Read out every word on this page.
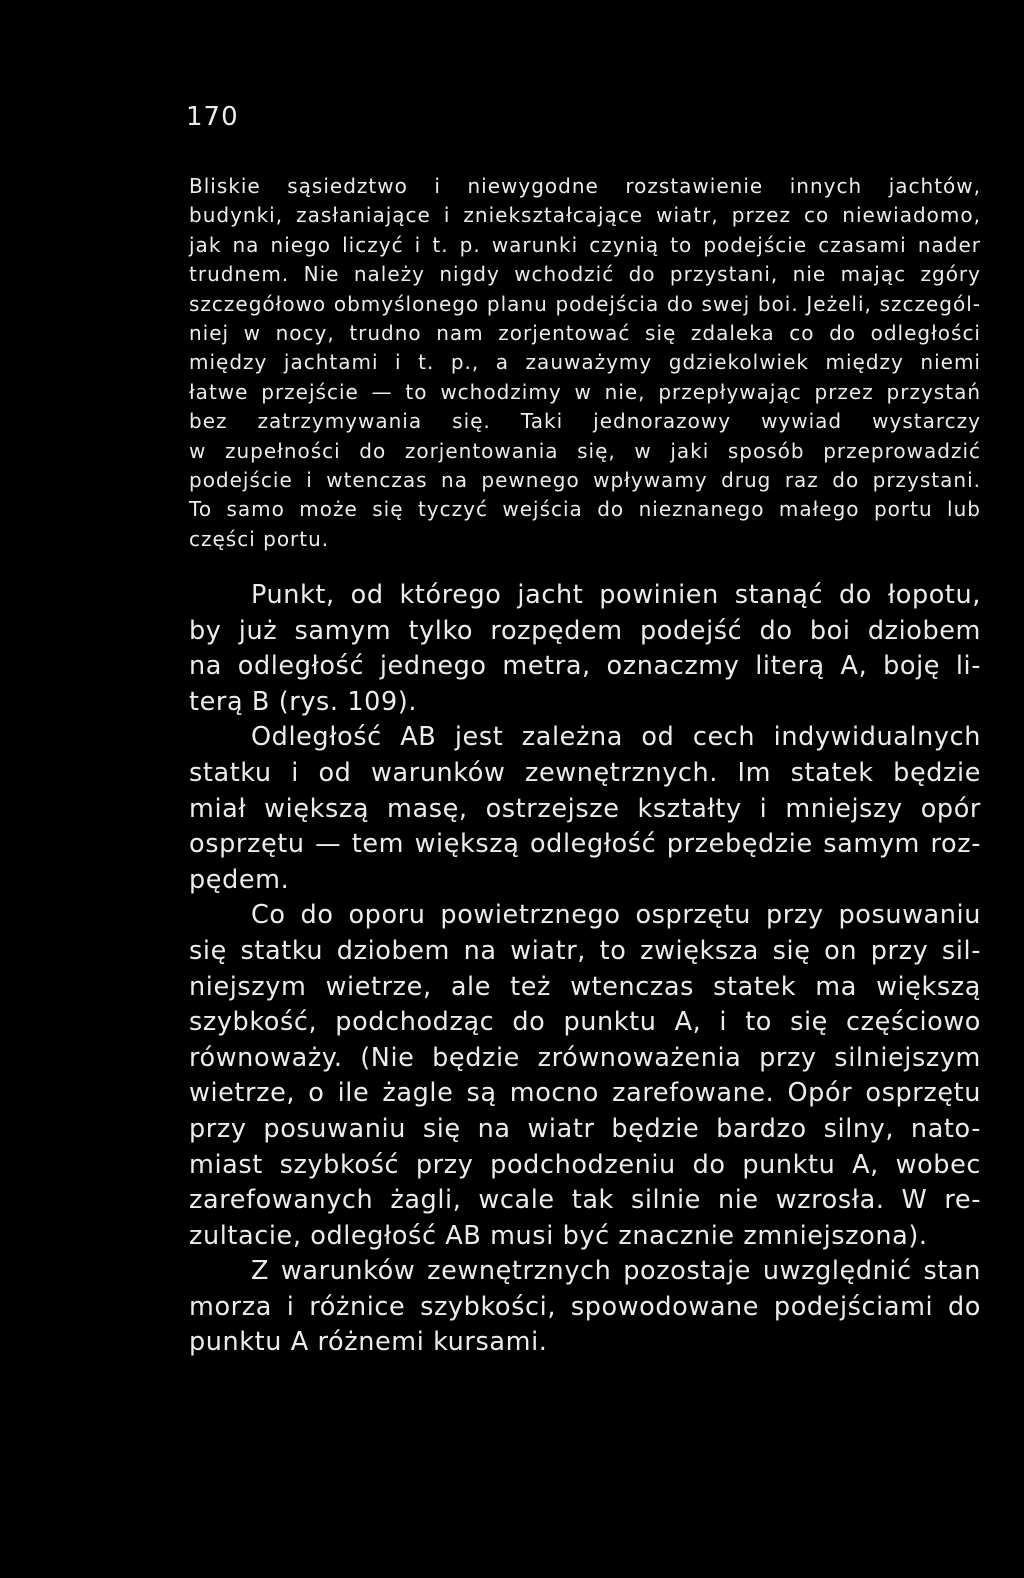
170
Bliskie sąsiedztwo i niewygodne rozstawienie innych jachtów,
budynki, zasłaniające i zniekształcające wiatr, przez co niewiadomo,
jak na niego liczyć i t. p. warunki czynią to podejście czasami nader
trudnem. Nie należy nigdy wchodzić do przystani, nie mając zgóry
szczegółowo obmyślonego planu podejścia do swej boi. Jeżeli, szczegól-
niej w nocy, trudno nam zorjentować się zdaleka co do odległości
między jachtami i t. p., a zauważymy gdziekolwiek między niemi
łatwe przejście — to wchodzimy w nie, przepływając przez przystań
bez zatrzymywania się. Taki jednorazowy wywiad wystarczy
w zupełności do zorjentowania się, w jaki sposób przeprowadzić
podejście i wtenczas na pewnego wpływamy drug raz do przystani.
To samo może się tyczyć wejścia do nieznanego małego portu lub
części portu.
Punkt, od którego jacht powinien stanąć do łopotu,
by już samym tylko rozpędem podejść do boi dziobem
na odległość jednego metra, oznaczmy literą A, boję li-
terą B (rys. 109).
Odległość AB jest zależna od cech indywidualnych
statku i od warunków zewnętrznych. Im statek będzie
miał większą masę, ostrzejsze kształty i mniejszy opór
osprzętu — tem większą odległość przebędzie samym roz-
pędem.
Co do oporu powietrznego osprzętu przy posuwaniu
się statku dziobem na wiatr, to zwiększa się on przy sil-
niejszym wietrze, ale też wtenczas statek ma większą
szybkość, podchodząc do punktu A, i to się częściowo
równoważy. (Nie będzie zrównoważenia przy silniejszym
wietrze, o ile żagle są mocno zarefowane. Opór osprzętu
przy posuwaniu się na wiatr będzie bardzo silny, nato-
miast szybkość przy podchodzeniu do punktu A, wobec
zarefowanych żagli, wcale tak silnie nie wzrosła. W re-
zultacie, odległość AB musi być znacznie zmniejszona).
Z warunków zewnętrznych pozostaje uwzględnić stan
morza i różnice szybkości, spowodowane podejściami do
punktu A różnemi kursami.
